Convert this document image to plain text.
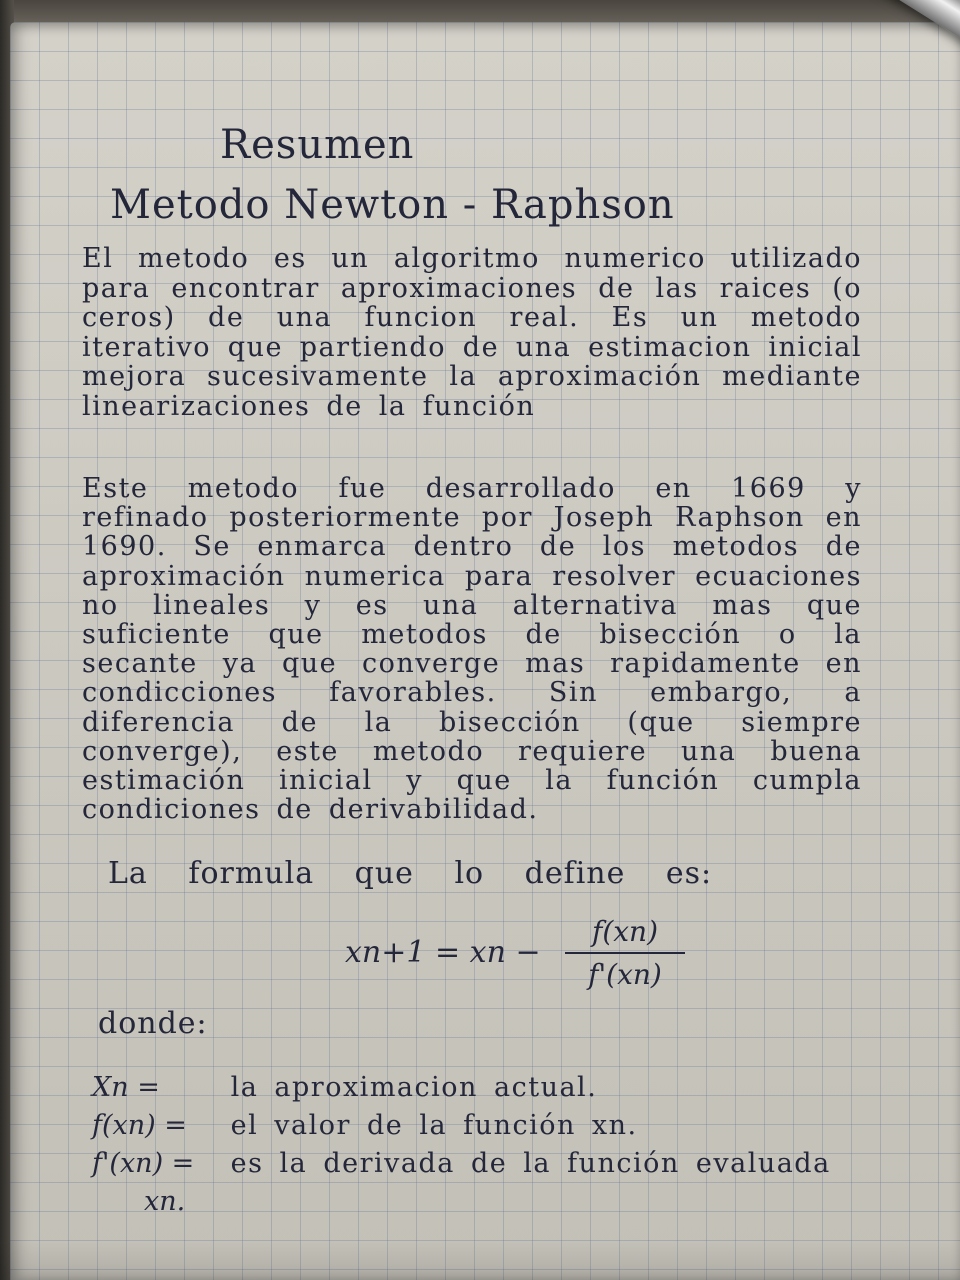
Resumen
Metodo Newton - Raphson

El metodo es un algoritmo numerico utilizado para encontrar aproximaciones de las raices (o ceros) de una funcion real. Es un metodo iterativo que partiendo de una estimacion inicial mejora sucesivamente la aproximación mediante linearizaciones de la función

Este metodo fue desarrollado en 1669 y refinado posteriormente por Joseph Raphson en 1690. Se enmarca dentro de los metodos de aproximación numerica para resolver ecuaciones no lineales y es una alternativa mas que suficiente que metodos de bisección o la secante ya que converge mas rapidamente en condicciones favorables. Sin embargo, a diferencia de la bisección (que siempre converge), este metodo requiere una buena estimación inicial y que la función cumpla condiciones de derivabilidad.

La formula que lo define es:
xn+1 = xn −
f(xn)
f'(xn)
donde:
Xn =	la aproximacion actual.
f(xn) = el valor de la función xn.
f'(xn) = es la derivada de la función evaluada
xn.
